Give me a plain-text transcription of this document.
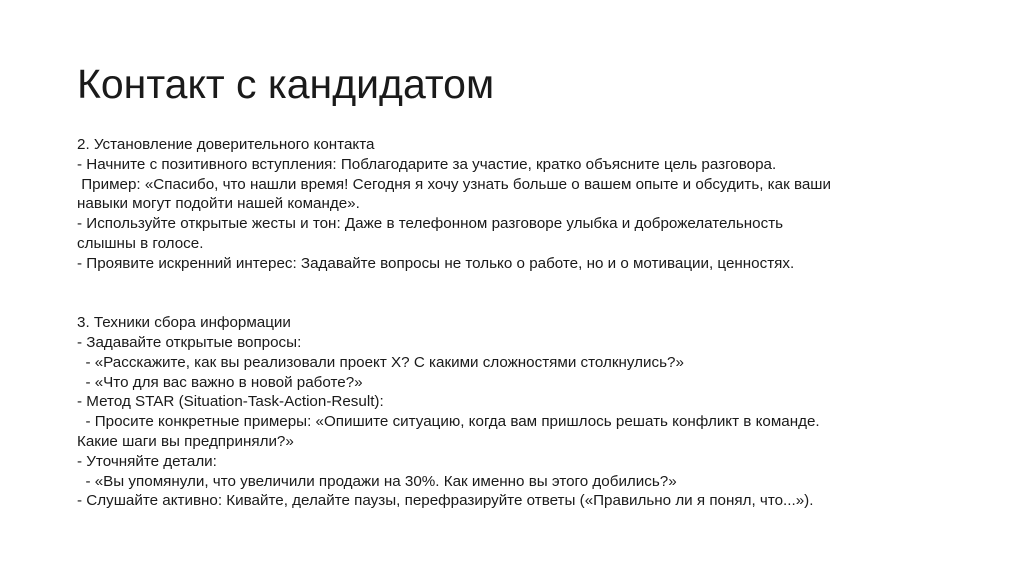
Контакт с кандидатом
2. Установление доверительного контакта
- Начните с позитивного вступления: Поблагодарите за участие, кратко объясните цель разговора.
Пример: «Спасибо, что нашли время! Сегодня я хочу узнать больше о вашем опыте и обсудить, как ваши
навыки могут подойти нашей команде».
- Используйте открытые жесты и тон: Даже в телефонном разговоре улыбка и доброжелательность
слышны в голосе.
- Проявите искренний интерес: Задавайте вопросы не только о работе, но и о мотивации, ценностях.
3. Техники сбора информации
- Задавайте открытые вопросы:
- «Расскажите, как вы реализовали проект X? С какими сложностями столкнулись?»
- «Что для вас важно в новой работе?»
- Метод STAR (Situation-Task-Action-Result):
- Просите конкретные примеры: «Опишите ситуацию, когда вам пришлось решать конфликт в команде.
Какие шаги вы предприняли?»
- Уточняйте детали:
- «Вы упомянули, что увеличили продажи на 30%. Как именно вы этого добились?»
- Слушайте активно: Кивайте, делайте паузы, перефразируйте ответы («Правильно ли я понял, что...»).
